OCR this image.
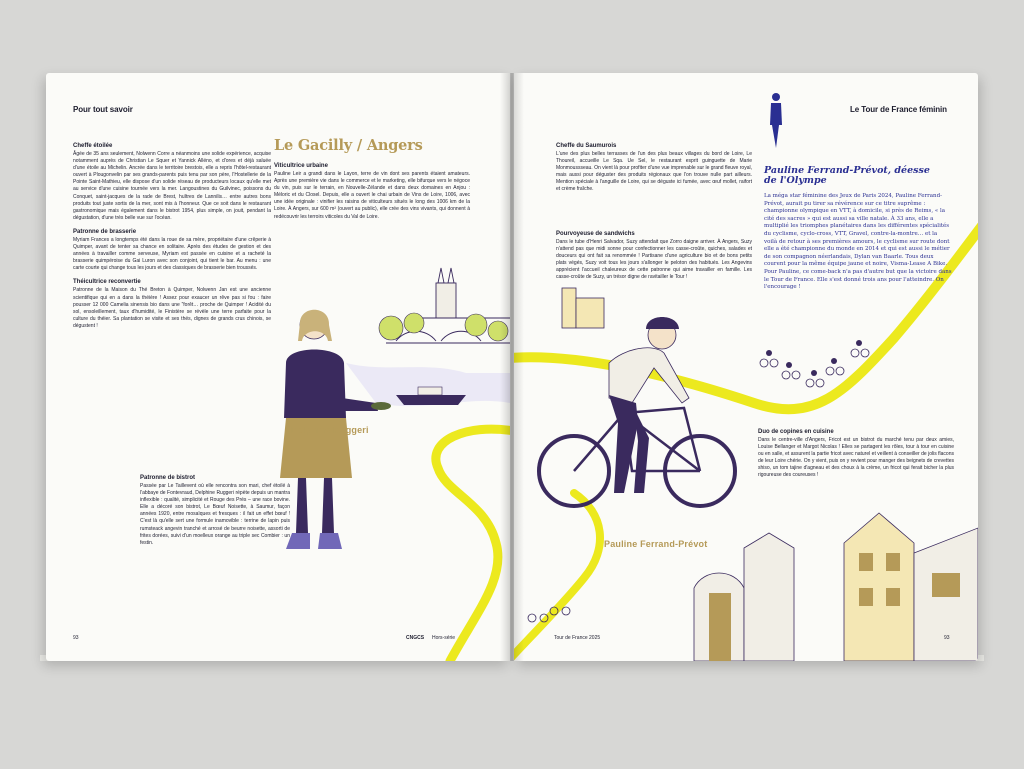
Pour tout savoir

Cheffe étoilée

Âgée de 35 ans seulement, Nolwenn Corre a néanmoins une solide expérience, acquise notamment auprès de Christian Le Squer et Yannick Alléno, et d'ores et déjà saluée d'une étoile au Michelin. Ancrée dans le territoire brestois, elle a repris l'hôtel-restaurant ouvert à Plougonvelin par ses grands-parents puis tenu par son père, l'Hostellerie de la Pointe Saint-Mathieu, elle dispose d'un solide réseau de producteurs locaux qu'elle met au service d'une cuisine tournée vers la mer. Langoustines du Guilvinec, poissons du Conquet, saint-jacques de la rade de Brest, huîtres de Lannilis… entre autres bons produits tout juste sortis de la mer, sont mis à l'honneur. Que ce soit dans le restaurant gastronomique mais également dans le bistrot 1954, plus simple, on jouit, pendant la dégustation, d'une très belle vue sur l'océan.

Patronne de brasserie

Myriam Frances a longtemps été dans la roue de sa mère, propriétaire d'une crêperie à Quimper, avant de tenter sa chance en solitaire. Après des études de gestion et des années à travailler comme serveuse, Myriam est passée en cuisine et a racheté la brasserie quimpéroise du Gai Luron avec son conjoint, qui tient le bar. Au menu : une carte courte qui change tous les jours et des classiques de brasserie bien troussés.

Théicultrice reconvertie

Patronne de la Maison du Thé Breton à Quimper, Nolwenn Jan est une ancienne scientifique qui en a dans la théière ! Assez pour exaucer un rêve pas si fou : faire pousser 12 000 Camelia sinensis bio dans une “forêt… proche de Quimper ! Acidité du sol, ensoleillement, taux d'humidité, le Finistère se révèle une terre parfaite pour la culture du théier. Sa plantation se visite et ses thés, dignes de grands crus chinois, se dégustent !

Le Gacilly / Angers

Viticultrice urbaine

Pauline Leir a grandi dans le Layon, terre de vin dont ses parents étaient amateurs. Après une première vie dans le commerce et le marketing, elle bifurque vers le négoce du vin, puis sur le terrain, en Nouvelle-Zélande et dans deux domaines en Anjou : Méloric et du Closel. Depuis, elle a ouvert le chai urbain de Vins de Loire, 1006, avec une idée originale : vinifier les raisins de viticulteurs situés le long des 1006 km de la Loire. À Angers, sur 600 m² (ouvert au public), elle crée des vins vivants, qui donnent à redécouvrir les terroirs viticoles du Val de Loire.

Patronne de bistrot

Passée par Le Taillevent où elle rencontra son mari, chef étoilé à l'abbaye de Fontevraud, Delphine Ruggeri répète depuis un mantra inflexible : qualité, simplicité et Rouge des Prés – une race bovine. Elle a décoré son bistrot, Le Bœuf Noisette, à Saumur, façon années 1920, entre mosaïques et fresques : il fait un effet bœuf ! C'est là qu'elle sert une formule inamovible : terrine de lapin puis rumsteack angevin tranché et arrosé de beurre noisette, assorti de frites dorées, suivi d'un moelleux orange au triple sec Combier : un festin.

Delphine Ruggeri
93	CNGCS Hors-série
Le Tour de France féminin

Cheffe du Saumurois

L'une des plus belles terrasses de l'un des plus beaux villages du bord de Loire, Le Thoureil, accueille Le Sqa. Ue Sel, le restaurant esprit guinguette de Marie Monmoussseau. On vient là pour profiter d'une vue imprenable sur le grand fleuve royal, mais aussi pour déguster des produits régionaux que l'on trouve nulle part ailleurs. Mention spéciale à l'anguille de Loire, qui se déguste ici fumée, avec œuf mollet, raifort et crème fraîche.

Pourvoyeuse de sandwichs

Dans le tube d'Henri Salvador, Suzy attendait que Zorro daigne arriver. À Angers, Suzy n'attend pas que midi sonne pour confectionner les casse-croûte, quiches, salades et douceurs qui ont fait sa renommée ! Partisane d'une agriculture bio et de bons petits plats végés, Suzy voit tous les jours s'allonger le peloton des habitués. Les Angevins apprécient l'accueil chaleureux de cette patronne qui aime travailler en famille. Les casse-croûte de Suzy, un trésor digne de ravitailler le Tour !

Pauline Ferrand-Prévot, déesse de l'Olympe
La méga star féminine des Jeux de Paris 2024, Pauline Ferrand-Prévot, aurait pu tirer sa révérence sur ce titre suprême : championne olympique en VTT, à domicile, si près de Reims, « la cité des sacres » qui est aussi sa ville natale. À 33 ans, elle a multiplié les triomphes planétaires dans les différentes spécialités du cyclisme, cyclo-cross, VTT, Gravel, contre-la-montre… et la voilà de retour à ses premières amours, le cyclisme sur route dont elle a été championne du monde en 2014 et qui est aussi le métier de son compagnon néerlandais, Dylan van Baarle. Tous deux courent pour la même équipe jaune et noire, Visma-Lease A Bike. Pour Pauline, ce come-back n'a pas d'autre but que la victoire dans le Tour de France. Elle s'est donné trois ans pour l'atteindre. On l'encourage !

Duo de copines en cuisine

Dans le centre-ville d'Angers, Fricot est un bistrot du marché tenu par deux amies, Louise Bellanger et Margot Nicolas ! Elles se partagent les rôles, tour à tour en cuisine ou en salle, et assurent la partie fricot avec naturel et veillent à conseiller de jolis flacons de leur Loire chérie. On y vient, puis on y revient pour manger des beignets de crevettes shiso, un tom tajine d'agneau et des choux à la crème, un fricot qui ferait bicher la plus rigoureuse des coureuses !

Pauline Ferrand-Prévot
Tour de France 2025	93
